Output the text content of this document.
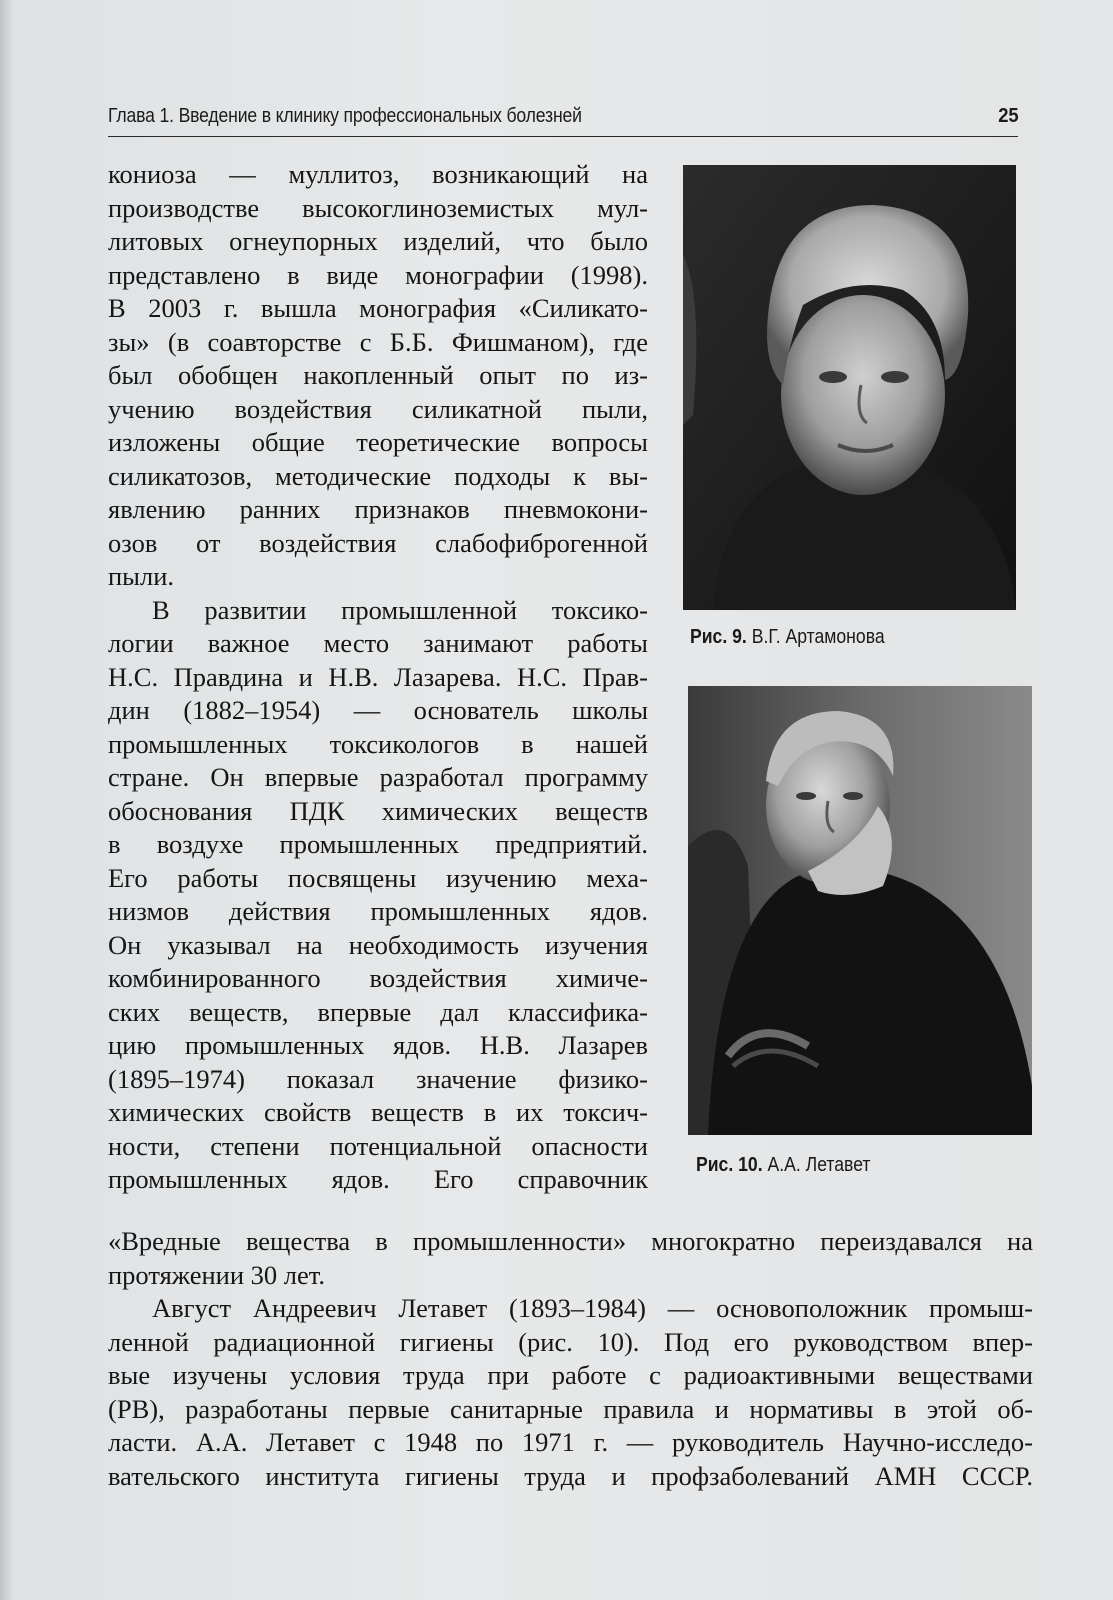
Глава 1. Введение в клинику профессиональных болезней	25

кониоза — муллитоз, возникающий на
производстве высокоглиноземистых мул-
литовых огнеупорных изделий, что было
представлено в виде монографии (1998).
В 2003 г. вышла монография «Силикато-
зы» (в соавторстве с Б.Б. Фишманом), где
был обобщен накопленный опыт по из-
учению воздействия силикатной пыли,
изложены общие теоретические вопросы
силикатозов, методические подходы к вы-
явлению ранних признаков пневмокони-
озов от воздействия слабофиброгенной
пыли.

В развитии промышленной токсико-
логии важное место занимают работы
Н.С. Правдина и Н.В. Лазарева. Н.С. Прав-
дин (1882–1954) — основатель школы
промышленных токсикологов в нашей
стране. Он впервые разработал программу
обоснования ПДК химических веществ
в воздухе промышленных предприятий.
Его работы посвящены изучению меха-
низмов действия промышленных ядов.
Он указывал на необходимость изучения
комбинированного воздействия химиче-
ских веществ, впервые дал классифика-
цию промышленных ядов. Н.В. Лазарев
(1895–1974) показал значение физико-
химических свойств веществ в их токсич-
ности, степени потенциальной опасности
промышленных ядов. Его справочник

Рис. 9. В.Г. Артамонова
Рис. 10. А.А. Летавет

«Вредные вещества в промышленности» многократно переиздавался на
протяжении 30 лет.

Август Андреевич Летавет (1893–1984) — основоположник промыш-
ленной радиационной гигиены (рис. 10). Под его руководством впер-
вые изучены условия труда при работе с радиоактивными веществами
(РВ), разработаны первые санитарные правила и нормативы в этой об-
ласти. А.А. Летавет с 1948 по 1971 г. — руководитель Научно-исследо-
вательского института гигиены труда и профзаболеваний АМН СССР.
